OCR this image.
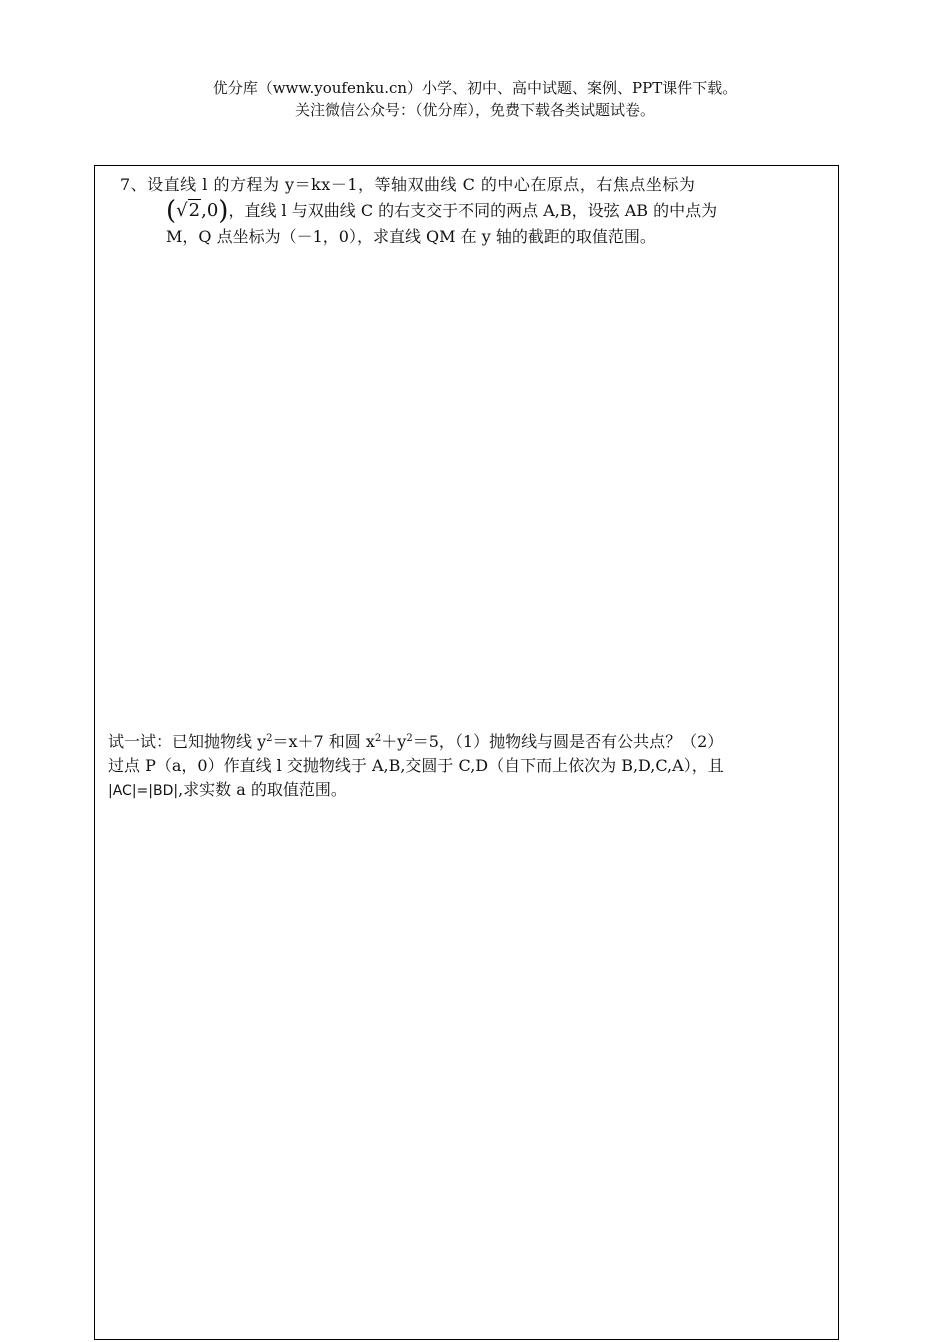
优分库（www.youfenku.cn）小学、初中、高中试题、案例、PPT课件下载。
关注微信公众号：（优分库），免费下载各类试题试卷。
7、设直线 l 的方程为 y＝kx－1，等轴双曲线 C 的中心在原点，右焦点坐标为
(√2,0)，直线 l 与双曲线 C 的右支交于不同的两点 A,B，设弦 AB 的中点为
M，Q 点坐标为（－1，0），求直线 QM 在 y 轴的截距的取值范围。
试一试：已知抛物线 $y^2=x+7$ 和圆 $x^2+y^2=5$，（1）抛物线与圆是否有公共点？（2）
过点 P（a，0）作直线 l 交抛物线于 A,B,交圆于 C,D（自下而上依次为 B,D,C,A），且
|AC|=|BD|,求实数 a 的取值范围。
